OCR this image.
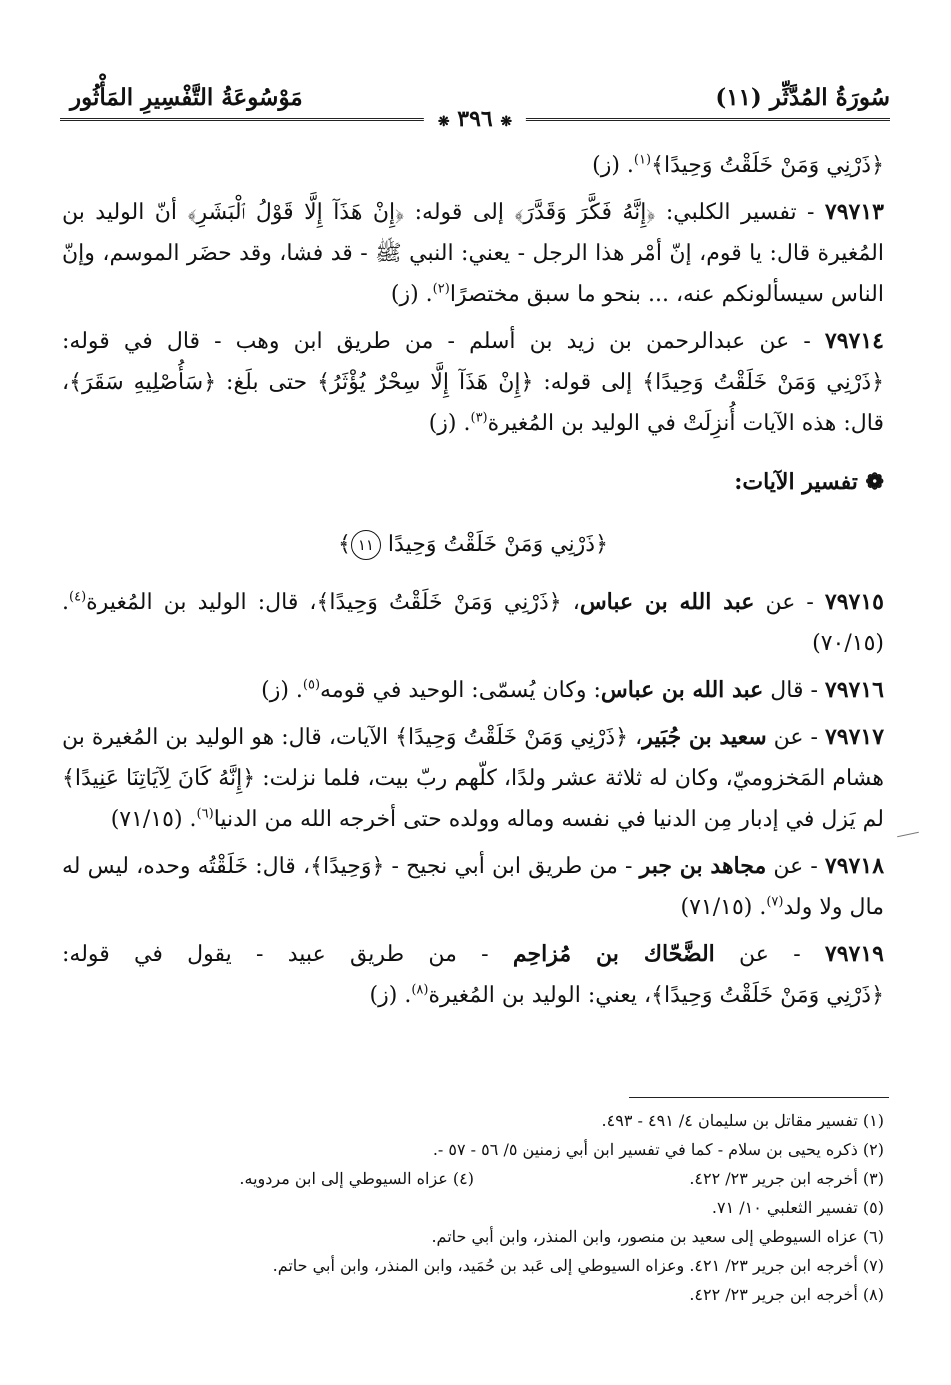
سُورَةُ المُدَّثِّر (١١)
مَوْسُوعَةُ التَّفْسِيرِ المَأْثُور
❋ ٣٩٦ ❋

﴿ذَرْنِي وَمَنْ خَلَقْتُ وَحِيدًا﴾$^{(١)}$. (ز)

٧٩٧١٣ - تفسير الكلبي: ﴿إِنَّهُ فَكَّرَ وَقَدَّرَ﴾ إلى قوله: ﴿إِنْ هَذَآ إِلَّا قَوْلُ ٱلْبَشَرِ﴾ أنّ الوليد بن المُغيرة قال: يا قوم، إنّ أمْر هذا الرجل - يعني: النبي ﷺ - قد فشا، وقد حضَر الموسم، وإنّ الناس سيسألونكم عنه، ... بنحو ما سبق مختصرًا$^{(٢)}$. (ز)

٧٩٧١٤ - عن عبدالرحمن بن زيد بن أسلم - من طريق ابن وهب - قال في قوله: ﴿ذَرْنِي وَمَنْ خَلَقْتُ وَحِيدًا﴾ إلى قوله: ﴿إِنْ هَذَآ إِلَّا سِحْرٌ يُؤْثَرُ﴾ حتى بلَغ: ﴿سَأُصْلِيهِ سَقَرَ﴾، قال: هذه الآيات أُنزِلَتْ في الوليد بن المُغيرة$^{(٣)}$. (ز)

❁ تفسير الآيات:
﴿ذَرْنِي وَمَنْ خَلَقْتُ وَحِيدًا ١١﴾

٧٩٧١٥ - عن عبد الله بن عباس، ﴿ذَرْنِي وَمَنْ خَلَقْتُ وَحِيدًا﴾، قال: الوليد بن المُغيرة$^{(٤)}$. (٧٠/١٥)

٧٩٧١٦ - قال عبد الله بن عباس: وكان يُسمّى: الوحيد في قومه$^{(٥)}$. (ز)

٧٩٧١٧ - عن سعيد بن جُبَير، ﴿ذَرْنِي وَمَنْ خَلَقْتُ وَحِيدًا﴾ الآيات، قال: هو الوليد بن المُغيرة بن هشام المَخزوميّ، وكان له ثلاثة عشر ولدًا، كلّهم ربّ بيت، فلما نزلت: ﴿إِنَّهُ كَانَ لِآيَاتِنَا عَنِيدًا﴾ لم يَزل في إدبار مِن الدنيا في نفسه وماله وولده حتى أخرجه الله من الدنيا$^{(٦)}$. (٧١/١٥)

٧٩٧١٨ - عن مجاهد بن جبر - من طريق ابن أبي نجيح - ﴿وَحِيدًا﴾، قال: خَلَقْتُه وحده، ليس له مال ولا ولد$^{(٧)}$. (٧١/١٥)

٧٩٧١٩ - عن الضَّحّاك بن مُزاحِم - من طريق عبيد - يقول في قوله: ﴿ذَرْنِي وَمَنْ خَلَقْتُ وَحِيدًا﴾، يعني: الوليد بن المُغيرة$^{(٨)}$. (ز)

(١) تفسير مقاتل بن سليمان ٤/ ٤٩١ - ٤٩٣.
(٢) ذكره يحيى بن سلام - كما في تفسير ابن أبي زمنين ٥/ ٥٦ - ٥٧ -.
(٣) أخرجه ابن جرير ٢٣/ ٤٢٢.
(٤) عزاه السيوطي إلى ابن مردويه.
(٥) تفسير الثعلبي ١٠/ ٧١.
(٦) عزاه السيوطي إلى سعيد بن منصور، وابن المنذر، وابن أبي حاتم.
(٧) أخرجه ابن جرير ٢٣/ ٤٢١. وعزاه السيوطي إلى عَبد بن حُمَيد، وابن المنذر، وابن أبي حاتم.
(٨) أخرجه ابن جرير ٢٣/ ٤٢٢.
